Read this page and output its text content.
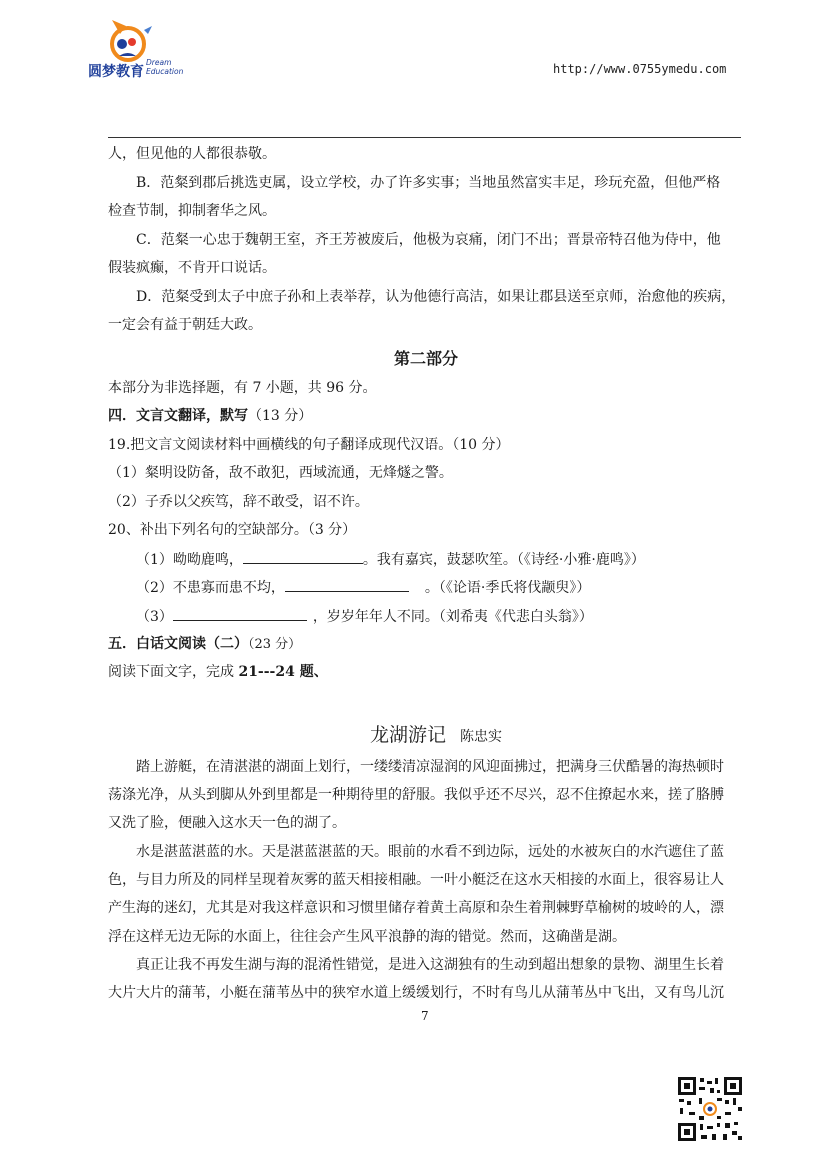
圆梦教育
Dream
Education	http://www.0755ymedu.com
人，但见他的人都很恭敬。
B．范粲到郡后挑选吏属，设立学校，办了许多实事；当地虽然富实丰足，珍玩充盈，但他严格
检查节制，抑制奢华之风。
C．范粲一心忠于魏朝王室，齐王芳被废后，他极为哀痛，闭门不出；晋景帝特召他为侍中，他
假装疯癫，不肯开口说话。
D．范粲受到太子中庶子孙和上表举荐，认为他德行高洁，如果让郡县送至京师，治愈他的疾病，
一定会有益于朝廷大政。
第二部分
本部分为非选择题，有 7 小题，共 96 分。
四．文言文翻译，默写（13 分）
19.把文言文阅读材料中画横线的句子翻译成现代汉语。（10 分）
（1）粲明设防备，敌不敢犯，西域流通，无烽燧之警。
（2）子乔以父疾笃，辞不敢受，诏不许。
20、补出下列名句的空缺部分。（3 分）
（1）呦呦鹿鸣，	。我有嘉宾，鼓瑟吹笙。（《诗经·小雅·鹿鸣》）
（2）不患寡而患不均，	。（《论语·季氏将伐颛臾》）
（3）	，岁岁年年人不同。（刘希夷《代悲白头翁》）
五．白话文阅读（二）（23 分）
阅读下面文字，完成 21---24 题、
龙湖游记 陈忠实
踏上游艇，在清湛湛的湖面上划行，一缕缕清凉湿润的风迎面拂过，把满身三伏酷暑的海热顿时
荡涤光净，从头到脚从外到里都是一种期待里的舒服。我似乎还不尽兴，忍不住撩起水来，搓了胳膊
又洗了脸，便融入这水天一色的湖了。
水是湛蓝湛蓝的水。天是湛蓝湛蓝的天。眼前的水看不到边际，远处的水被灰白的水汽遮住了蓝
色，与目力所及的同样呈现着灰雾的蓝天相接相融。一叶小艇泛在这水天相接的水面上，很容易让人
产生海的迷幻，尤其是对我这样意识和习惯里储存着黄土高原和杂生着荆棘野草榆树的坡岭的人，漂
浮在这样无边无际的水面上，往往会产生风平浪静的海的错觉。然而，这确凿是湖。
真正让我不再发生湖与海的混淆性错觉，是进入这湖独有的生动到超出想象的景物、湖里生长着
大片大片的蒲苇，小艇在蒲苇丛中的狭窄水道上缓缓划行，不时有鸟儿从蒲苇丛中飞出，又有鸟儿沉
7
